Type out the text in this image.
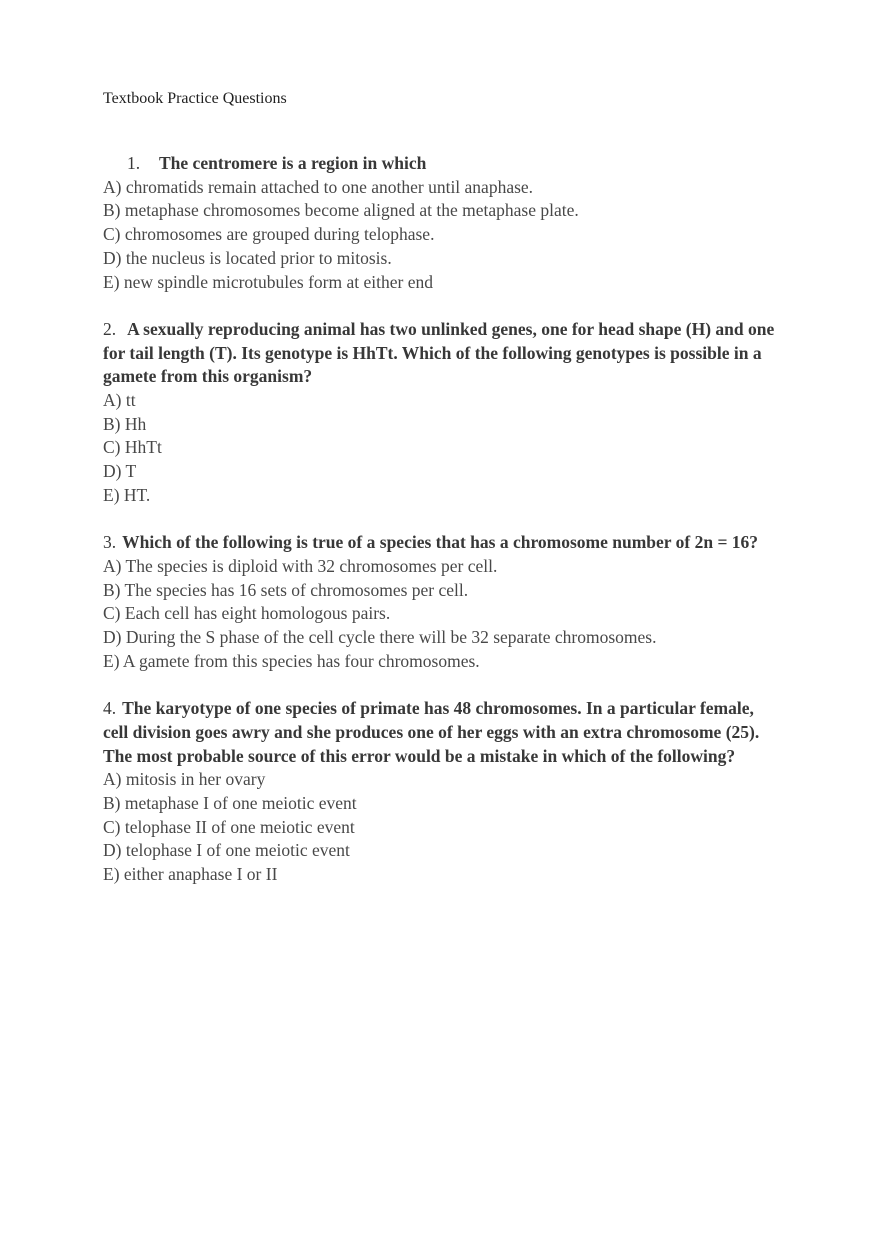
Textbook Practice Questions
1. The centromere is a region in which
A) chromatids remain attached to one another until anaphase.
B) metaphase chromosomes become aligned at the metaphase plate.
C) chromosomes are grouped during telophase.
D) the nucleus is located prior to mitosis.
E) new spindle microtubules form at either end
2. A sexually reproducing animal has two unlinked genes, one for head shape (H) and one for tail length (T). Its genotype is HhTt. Which of the following genotypes is possible in a gamete from this organism?
A) tt
B) Hh
C) HhTt
D) T
E) HT.
3. Which of the following is true of a species that has a chromosome number of 2n = 16?
A) The species is diploid with 32 chromosomes per cell.
B) The species has 16 sets of chromosomes per cell.
C) Each cell has eight homologous pairs.
D) During the S phase of the cell cycle there will be 32 separate chromosomes.
E) A gamete from this species has four chromosomes.
4. The karyotype of one species of primate has 48 chromosomes. In a particular female, cell division goes awry and she produces one of her eggs with an extra chromosome (25). The most probable source of this error would be a mistake in which of the following?
A) mitosis in her ovary
B) metaphase I of one meiotic event
C) telophase II of one meiotic event
D) telophase I of one meiotic event
E) either anaphase I or II
